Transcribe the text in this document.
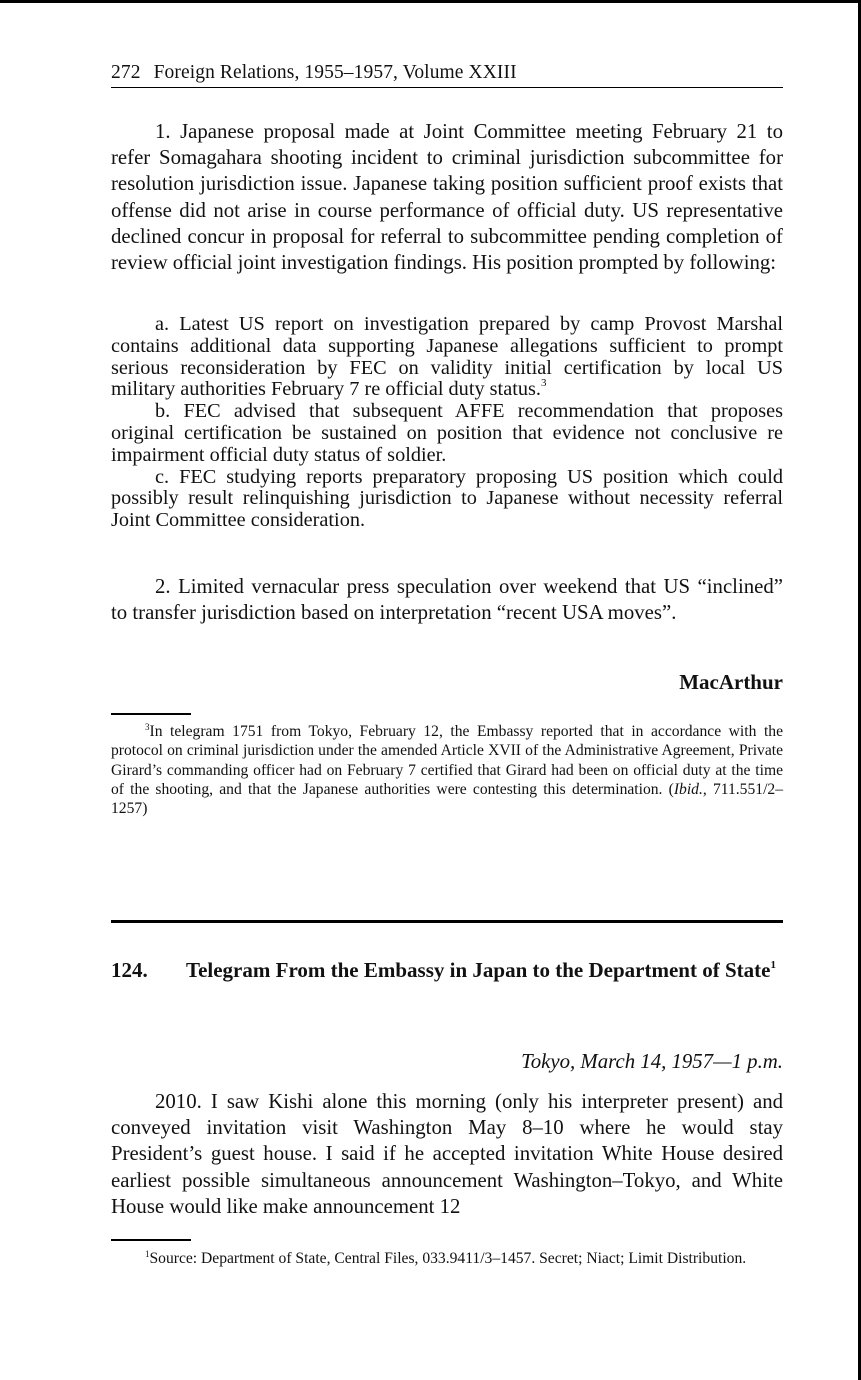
272 Foreign Relations, 1955–1957, Volume XXIII

1. Japanese proposal made at Joint Committee meeting February 21 to refer Somagahara shooting incident to criminal jurisdiction subcommittee for resolution jurisdiction issue. Japanese taking position sufficient proof exists that offense did not arise in course performance of official duty. US representative declined concur in proposal for referral to subcommittee pending completion of review official joint investigation findings. His position prompted by following:

a. Latest US report on investigation prepared by camp Provost Marshal contains additional data supporting Japanese allegations sufficient to prompt serious reconsideration by FEC on validity initial certification by local US military authorities February 7 re official duty status.$^3$

b. FEC advised that subsequent AFFE recommendation that proposes original certification be sustained on position that evidence not conclusive re impairment official duty status of soldier.

c. FEC studying reports preparatory proposing US position which could possibly result relinquishing jurisdiction to Japanese without necessity referral Joint Committee consideration.

2. Limited vernacular press speculation over weekend that US “inclined” to transfer jurisdiction based on interpretation “recent USA moves”.

MacArthur

$^3$In telegram 1751 from Tokyo, February 12, the Embassy reported that in accordance with the protocol on criminal jurisdiction under the amended Article XVII of the Administrative Agreement, Private Girard’s commanding officer had on February 7 certified that Girard had been on official duty at the time of the shooting, and that the Japanese authorities were contesting this determination. (Ibid., 711.551/2–1257)

124. Telegram From the Embassy in Japan to the Department of State$^1$

Tokyo, March 14, 1957—1 p.m.

2010. I saw Kishi alone this morning (only his interpreter present) and conveyed invitation visit Washington May 8–10 where he would stay President’s guest house. I said if he accepted invitation White House desired earliest possible simultaneous announcement Washington–Tokyo, and White House would like make announcement 12

$^1$Source: Department of State, Central Files, 033.9411/3–1457. Secret; Niact; Limit Distribution.
